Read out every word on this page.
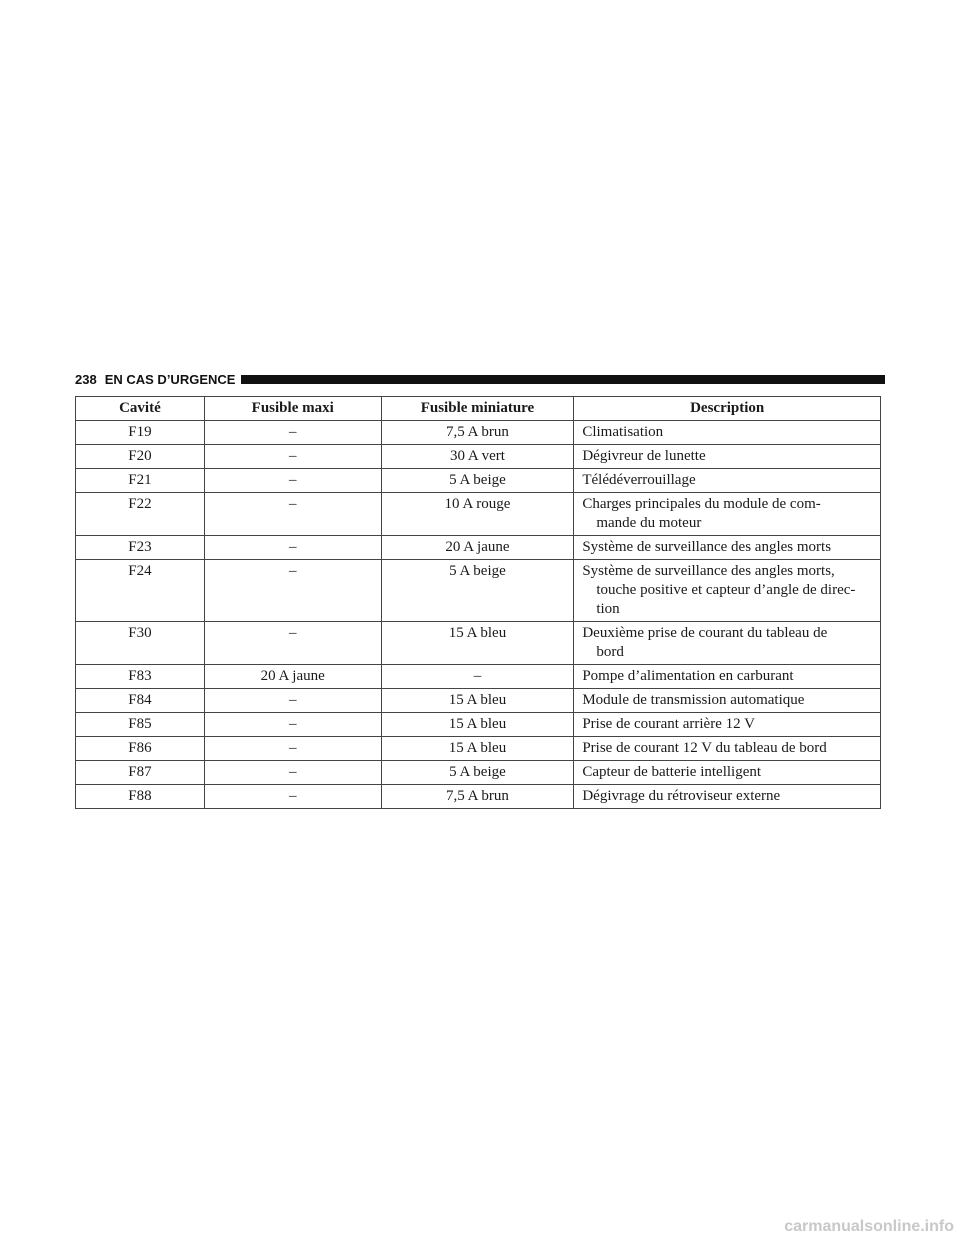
238 EN CAS D’URGENCE
Cavité	Fusible maxi	Fusible miniature	Description
F19	–	7,5 A brun	Climatisation

F20	–	30 A vert	Dégivreur de lunette

F21	–	5 A beige	Télédéverrouillage

F22	–	10 A rouge	Charges principales du module de com-
mande du moteur

F23	–	20 A jaune	Système de surveillance des angles morts

F24	–	5 A beige	Système de surveillance des angles morts,
touche positive et capteur d’angle de direc-
tion

F30	–	15 A bleu	Deuxième prise de courant du tableau de
bord

F83	20 A jaune	–	Pompe d’alimentation en carburant

F84	–	15 A bleu	Module de transmission automatique

F85	–	15 A bleu	Prise de courant arrière 12 V

F86	–	15 A bleu	Prise de courant 12 V du tableau de bord

F87	–	5 A beige	Capteur de batterie intelligent

F88	–	7,5 A brun	Dégivrage du rétroviseur externe
carmanualsonline.info
